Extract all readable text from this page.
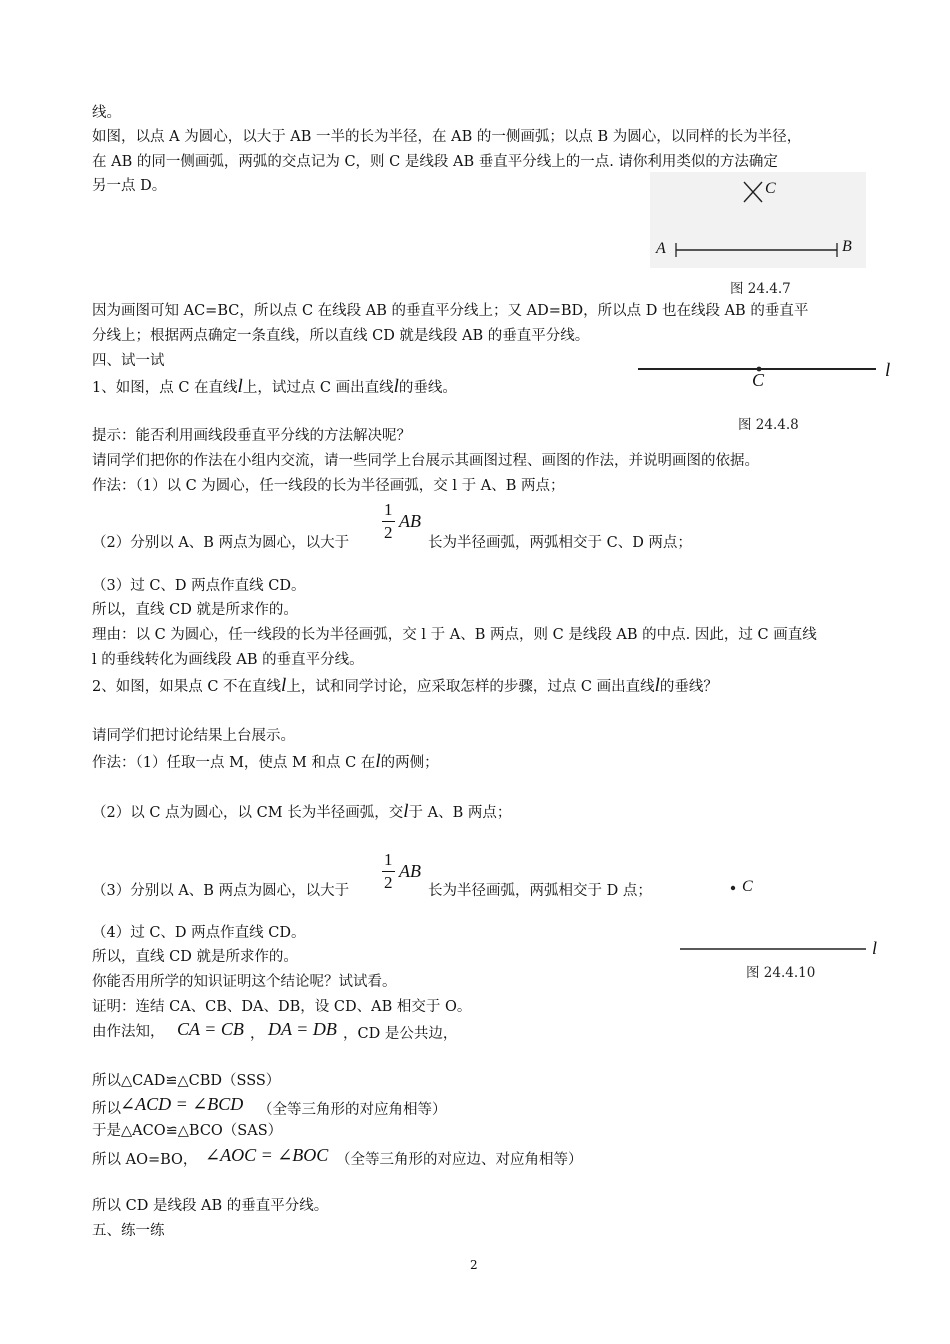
线。
如图，以点 A 为圆心，以大于 AB 一半的长为半径，在 AB 的一侧画弧；以点 B 为圆心，以同样的长为半径，
在 AB 的同一侧画弧，两弧的交点记为 C，则 C 是线段 AB 垂直平分线上的一点. 请你利用类似的方法确定
另一点 D。	C
A	B
图 24.4.7
因为画图可知 AC=BC，所以点 C 在线段 AB 的垂直平分线上；又 AD=BD，所以点 D 也在线段 AB 的垂直平
分线上；根据两点确定一条直线，所以直线 CD 就是线段 AB 的垂直平分线。
四、试一试
1、如图，点 C 在直线l上，试过点 C 画出直线l的垂线。	C	l
图 24.4.8
提示：能否利用画线段垂直平分线的方法解决呢？
请同学们把你的作法在小组内交流，请一些同学上台展示其画图过程、画图的作法，并说明画图的依据。
作法：（1）以 C 为圆心，任一线段的长为半径画弧，交 l 于 A、B 两点；
1
2
AB
（2）分别以 A、B 两点为圆心，以大于	长为半径画弧，两弧相交于 C、D 两点；
（3）过 C、D 两点作直线 CD。
所以，直线 CD 就是所求作的。
理由：以 C 为圆心，任一线段的长为半径画弧，交 l 于 A、B 两点，则 C 是线段 AB 的中点. 因此，过 C 画直线
l 的垂线转化为画线段 AB 的垂直平分线。
2、如图，如果点 C 不在直线l上，试和同学讨论，应采取怎样的步骤，过点 C 画出直线l的垂线？
请同学们把讨论结果上台展示。
作法：（1）任取一点 M，使点 M 和点 C 在l的两侧；
（2）以 C 点为圆心，以 CM 长为半径画弧，交l于 A、B 两点；
1
2
AB
（3）分别以 A、B 两点为圆心，以大于	长为半径画弧，两弧相交于 D 点；	C
l
图 24.4.10
（4）过 C、D 两点作直线 CD。
所以，直线 CD 就是所求作的。
你能否用所学的知识证明这个结论呢？试试看。
证明：连结 CA、CB、DA、DB，设 CD、AB 相交于 O。
由作法知， CA = CB ， DA = DB ，CD 是公共边，
所以△CAD≌△CBD（SSS）
所以 ∠ACD = ∠BCD （全等三角形的对应角相等）
于是△ACO≌△BCO（SAS）
所以 AO=BO， ∠AOC = ∠BOC （全等三角形的对应边、对应角相等）
所以 CD 是线段 AB 的垂直平分线。
五、练一练
2
